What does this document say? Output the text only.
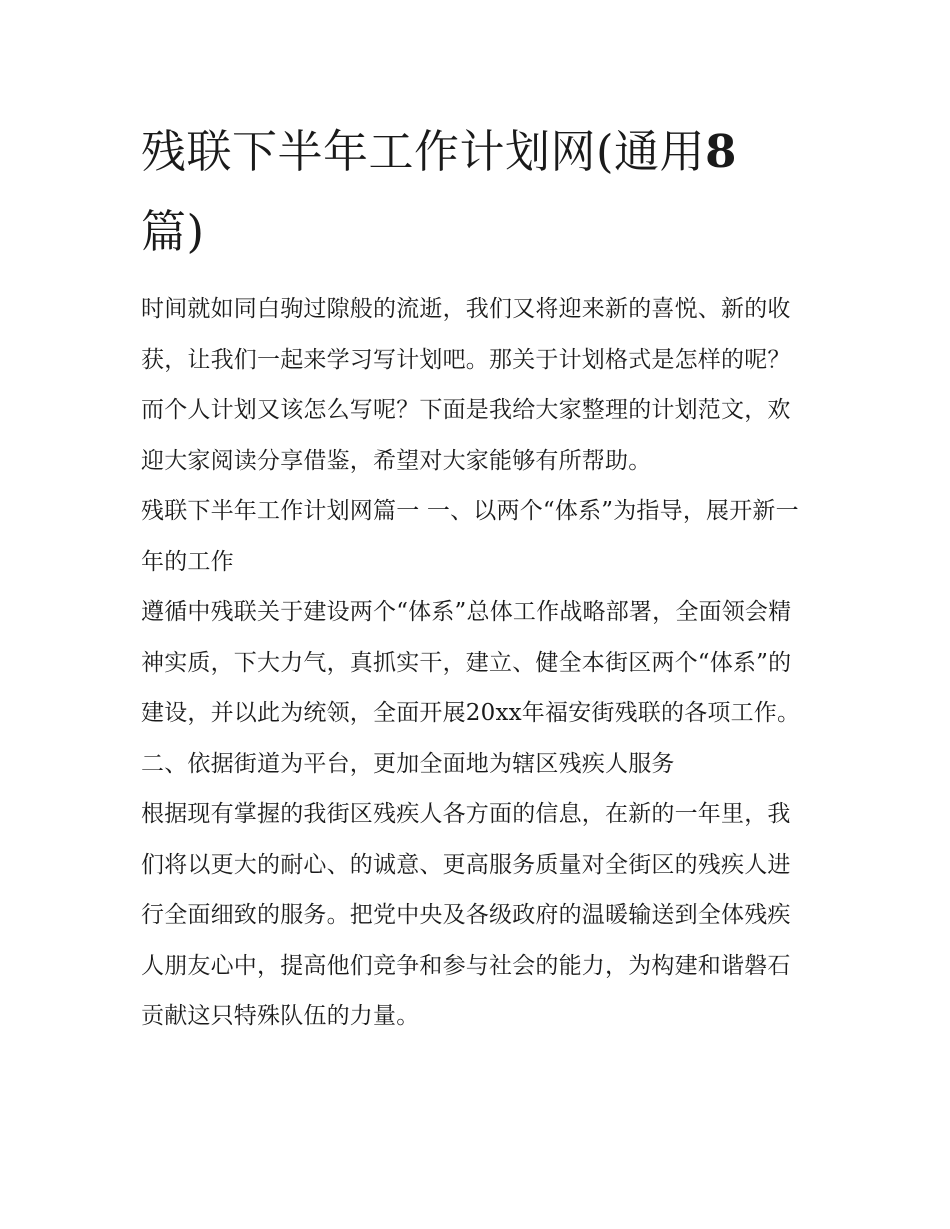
残联下半年工作计划网(通用8
篇)

时间就如同白驹过隙般的流逝，我们又将迎来新的喜悦、新的收获，让我们一起来学习写计划吧。那关于计划格式是怎样的呢？而个人计划又该怎么写呢？下面是我给大家整理的计划范文，欢迎大家阅读分享借鉴，希望对大家能够有所帮助。

残联下半年工作计划网篇一 一、以两个“体系”为指导，展开新一年的工作

遵循中残联关于建设两个“体系”总体工作战略部署，全面领会精神实质，下大力气，真抓实干，建立、健全本街区两个“体系”的建设，并以此为统领，全面开展20xx年福安街残联的各项工作。

二、依据街道为平台，更加全面地为辖区残疾人服务

根据现有掌握的我街区残疾人各方面的信息，在新的一年里，我们将以更大的耐心、的诚意、更高服务质量对全街区的残疾人进行全面细致的服务。把党中央及各级政府的温暖输送到全体残疾人朋友心中，提高他们竞争和参与社会的能力，为构建和谐磐石贡献这只特殊队伍的力量。
